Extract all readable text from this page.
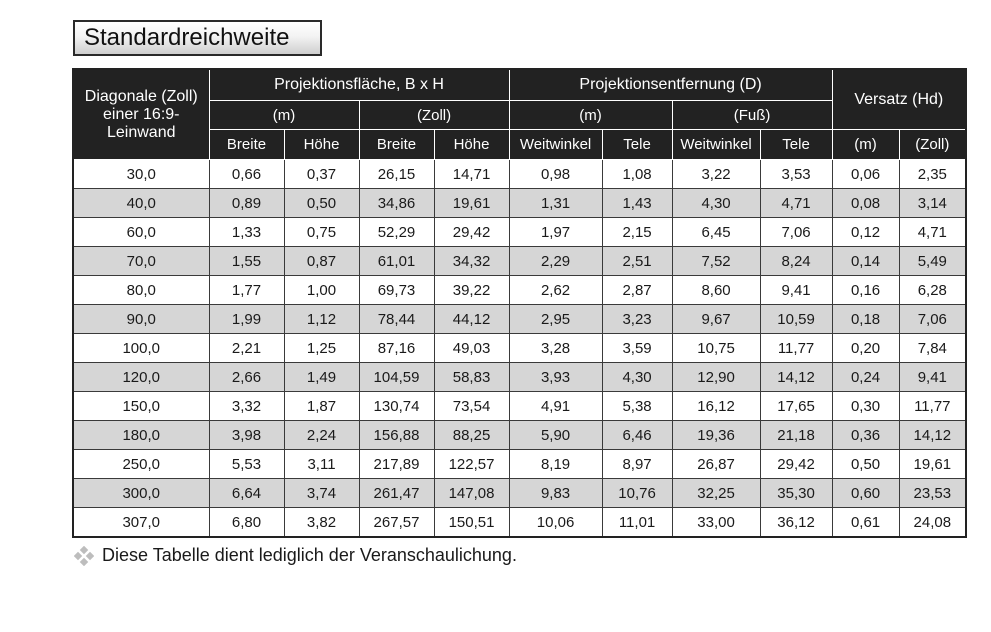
Standardreichweite
Diagonale (Zoll) einer 16:9-Leinwand	Projektionsfläche, B x H				Projektionsentfernung (D)				Versatz (Hd)	
	(m)		(Zoll)		(m)		(Fuß)			
	Breite	Höhe	Breite	Höhe	Weitwinkel	Tele	Weitwinkel	Tele	(m)	(Zoll)
30,0	0,66	0,37	26,15	14,71	0,98	1,08	3,22	3,53	0,06	2,35
40,0	0,89	0,50	34,86	19,61	1,31	1,43	4,30	4,71	0,08	3,14
60,0	1,33	0,75	52,29	29,42	1,97	2,15	6,45	7,06	0,12	4,71
70,0	1,55	0,87	61,01	34,32	2,29	2,51	7,52	8,24	0,14	5,49
80,0	1,77	1,00	69,73	39,22	2,62	2,87	8,60	9,41	0,16	6,28
90,0	1,99	1,12	78,44	44,12	2,95	3,23	9,67	10,59	0,18	7,06
100,0	2,21	1,25	87,16	49,03	3,28	3,59	10,75	11,77	0,20	7,84
120,0	2,66	1,49	104,59	58,83	3,93	4,30	12,90	14,12	0,24	9,41
150,0	3,32	1,87	130,74	73,54	4,91	5,38	16,12	17,65	0,30	11,77
180,0	3,98	2,24	156,88	88,25	5,90	6,46	19,36	21,18	0,36	14,12
250,0	5,53	3,11	217,89	122,57	8,19	8,97	26,87	29,42	0,50	19,61
300,0	6,64	3,74	261,47	147,08	9,83	10,76	32,25	35,30	0,60	23,53
307,0	6,80	3,82	267,57	150,51	10,06	11,01	33,00	36,12	0,61	24,08
Diese Tabelle dient lediglich der Veranschaulichung.
